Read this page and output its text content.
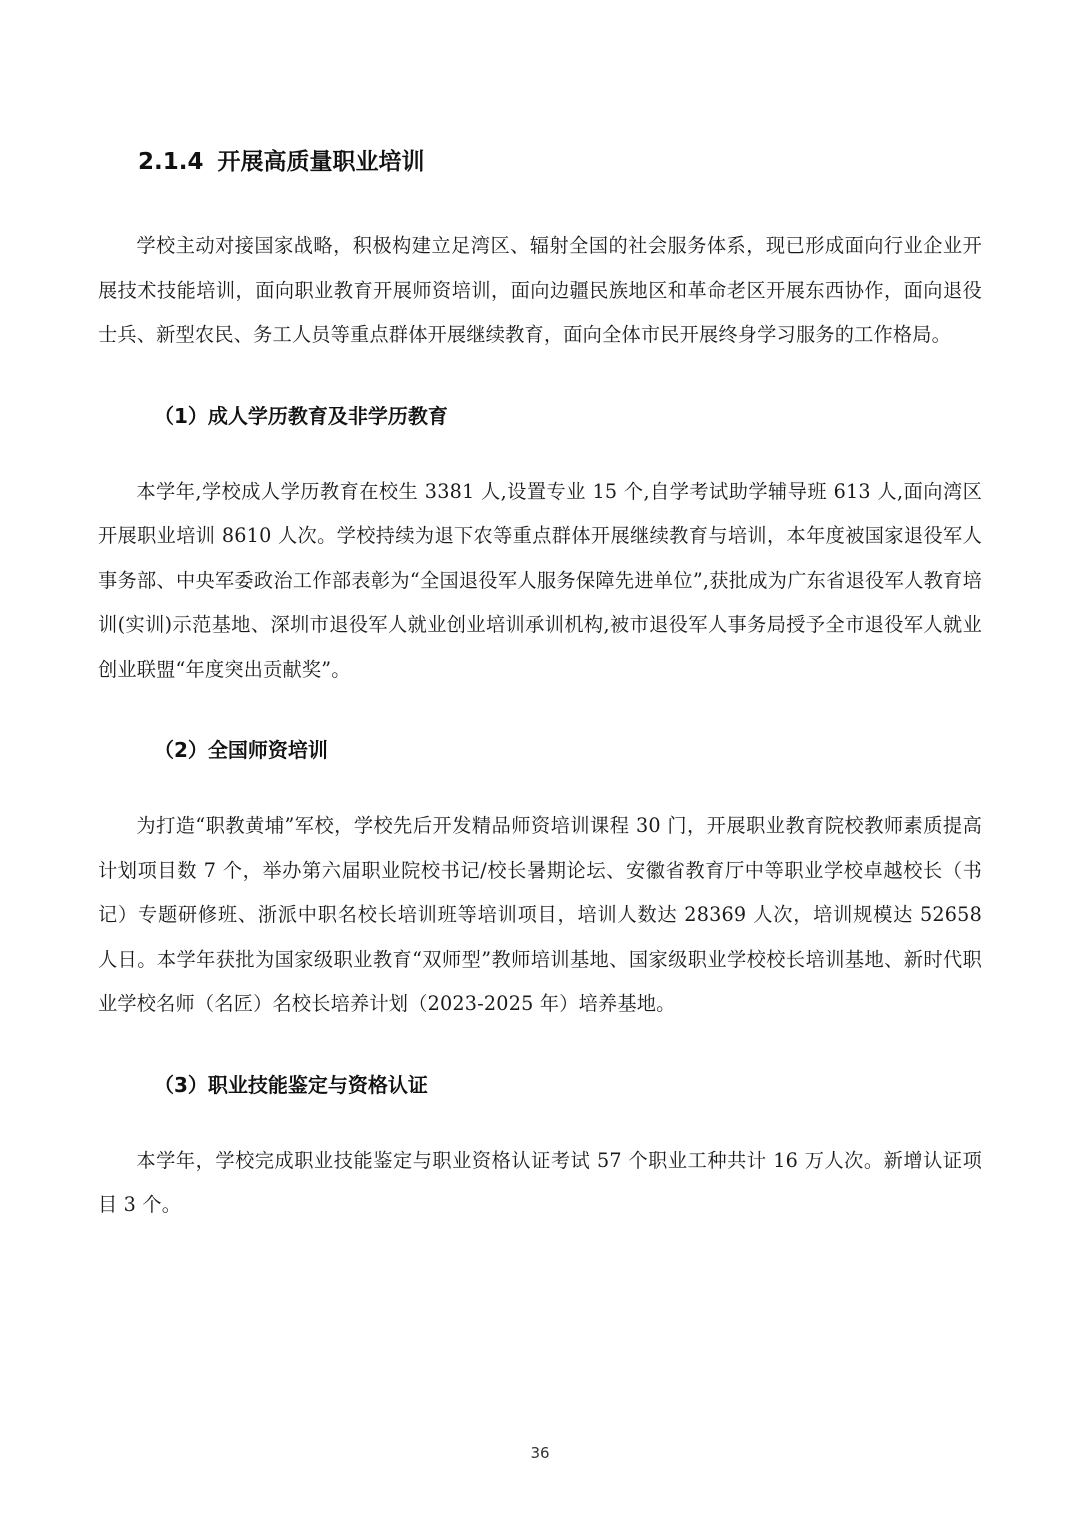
2.1.4 开展高质量职业培训

学校主动对接国家战略，积极构建立足湾区、辐射全国的社会服务体系，现已形成面向行业企业开展技术技能培训，面向职业教育开展师资培训，面向边疆民族地区和革命老区开展东西协作，面向退役士兵、新型农民、务工人员等重点群体开展继续教育，面向全体市民开展终身学习服务的工作格局。

（1）成人学历教育及非学历教育

本学年,学校成人学历教育在校生 3381 人,设置专业 15 个,自学考试助学辅导班 613 人,面向湾区开展职业培训 8610 人次。学校持续为退下农等重点群体开展继续教育与培训，本年度被国家退役军人事务部、中央军委政治工作部表彰为“全国退役军人服务保障先进单位”,获批成为广东省退役军人教育培训(实训)示范基地、深圳市退役军人就业创业培训承训机构,被市退役军人事务局授予全市退役军人就业创业联盟“年度突出贡献奖”。

（2）全国师资培训

为打造“职教黄埔”军校，学校先后开发精品师资培训课程 30 门，开展职业教育院校教师素质提高计划项目数 7 个，举办第六届职业院校书记/校长暑期论坛、安徽省教育厅中等职业学校卓越校长（书记）专题研修班、浙派中职名校长培训班等培训项目，培训人数达 28369 人次，培训规模达 52658 人日。本学年获批为国家级职业教育“双师型”教师培训基地、国家级职业学校校长培训基地、新时代职业学校名师（名匠）名校长培养计划（2023-2025 年）培养基地。

（3）职业技能鉴定与资格认证

本学年，学校完成职业技能鉴定与职业资格认证考试 57 个职业工种共计 16 万人次。新增认证项目 3 个。

36
